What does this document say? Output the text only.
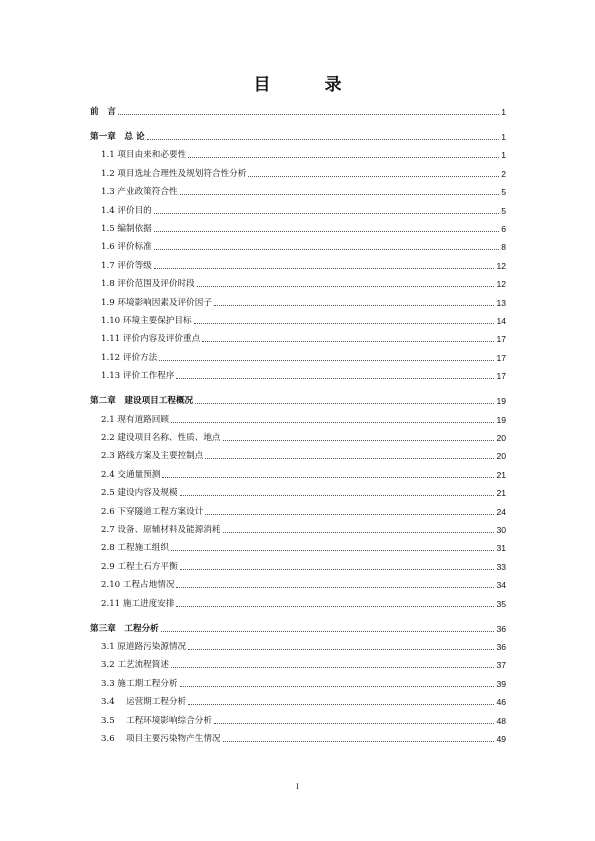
目 录
前　言	1
第一章　总 论	1
1.1 项目由来和必要性	1
1.2 项目选址合理性及规划符合性分析	2
1.3 产业政策符合性	5
1.4 评价目的	5
1.5 编制依据	6
1.6 评价标准	8
1.7 评价等级	12
1.8 评价范围及评价时段	12
1.9 环境影响因素及评价因子	13
1.10 环境主要保护目标	14
1.11 评价内容及评价重点	17
1.12 评价方法	17
1.13 评价工作程序	17
第二章　建设项目工程概况	19
2.1 现有道路回顾	19
2.2 建设项目名称、性质、地点	20
2.3 路线方案及主要控制点	20
2.4 交通量预测	21
2.5 建设内容及规模	21
2.6 下穿隧道工程方案设计	24
2.7 设备、原辅材料及能源消耗	30
2.8 工程施工组织	31
2.9 工程土石方平衡	33
2.10 工程占地情况	34
2.11 施工进度安排	35
第三章　工程分析	36
3.1 原道路污染源情况	36
3.2 工艺流程简述	37
3.3 施工期工程分析	39
3.4 　运营期工程分析	46
3.5 　工程环境影响综合分析	48
3.6 　项目主要污染物产生情况	49
I
